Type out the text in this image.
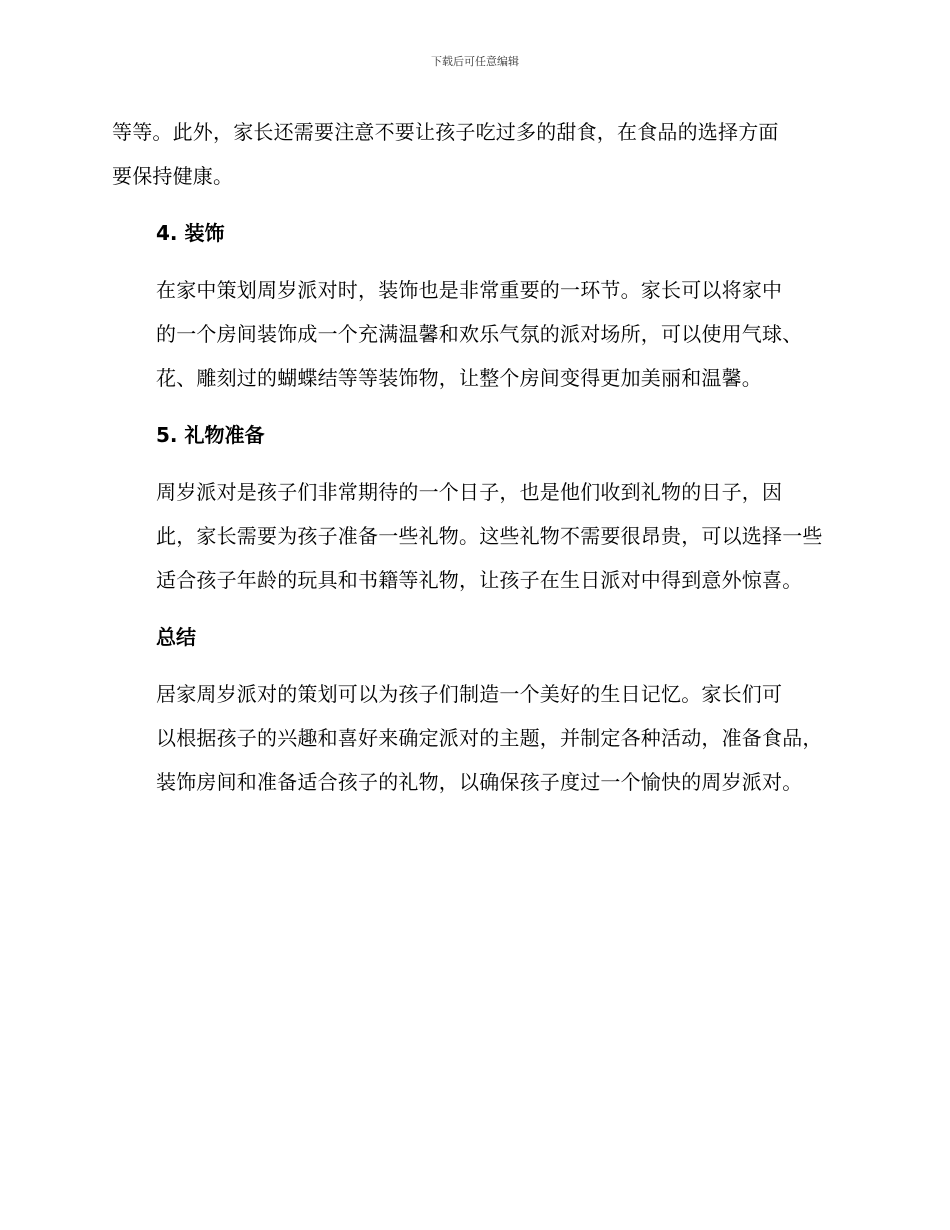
下载后可任意编辑

等等。此外，家长还需要注意不要让孩子吃过多的甜食，在食品的选择方面
要保持健康。

4. 装饰

在家中策划周岁派对时，装饰也是非常重要的一环节。家长可以将家中
的一个房间装饰成一个充满温馨和欢乐气氛的派对场所，可以使用气球、
花、雕刻过的蝴蝶结等等装饰物，让整个房间变得更加美丽和温馨。

5. 礼物准备

周岁派对是孩子们非常期待的一个日子，也是他们收到礼物的日子，因
此，家长需要为孩子准备一些礼物。这些礼物不需要很昂贵，可以选择一些
适合孩子年龄的玩具和书籍等礼物，让孩子在生日派对中得到意外惊喜。

总结

居家周岁派对的策划可以为孩子们制造一个美好的生日记忆。家长们可
以根据孩子的兴趣和喜好来确定派对的主题，并制定各种活动，准备食品，
装饰房间和准备适合孩子的礼物，以确保孩子度过一个愉快的周岁派对。
